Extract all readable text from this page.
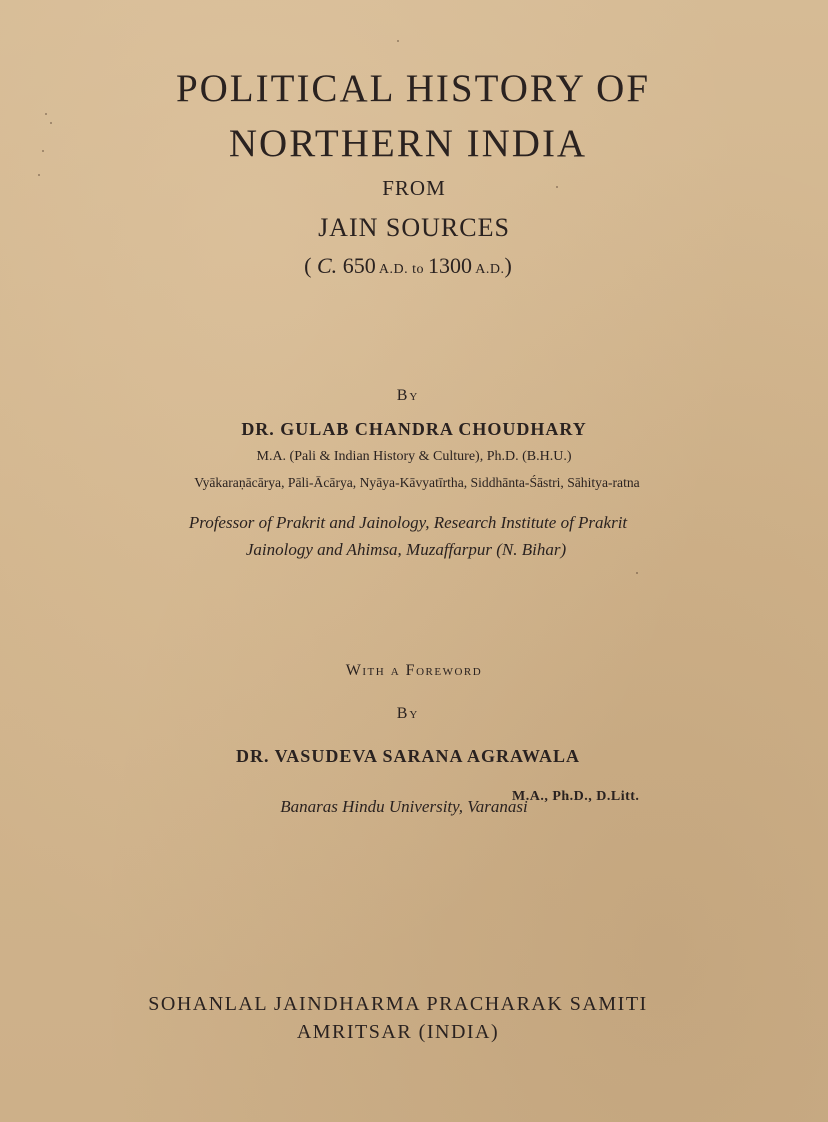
POLITICAL HISTORY OF

NORTHERN INDIA

FROM

JAIN SOURCES

( C. 650 A.D. to 1300 A.D.)

By

DR. GULAB CHANDRA CHOUDHARY

M.A. (Pali & Indian History & Culture), Ph.D. (B.H.U.)

Vyākaraṇācārya, Pāli-Ācārya, Nyāya-Kāvyatīrtha, Siddhānta-Śāstri, Sāhitya-ratna

Professor of Prakrit and Jainology, Research Institute of Prakrit

Jainology and Ahimsa, Muzaffarpur (N. Bihar)

With a Foreword

By

DR. VASUDEVA SARANA AGRAWALA

M.A., Ph.D., D.Litt.

Banaras Hindu University, Varanasi

SOHANLAL JAINDHARMA PRACHARAK SAMITI

AMRITSAR (INDIA)
